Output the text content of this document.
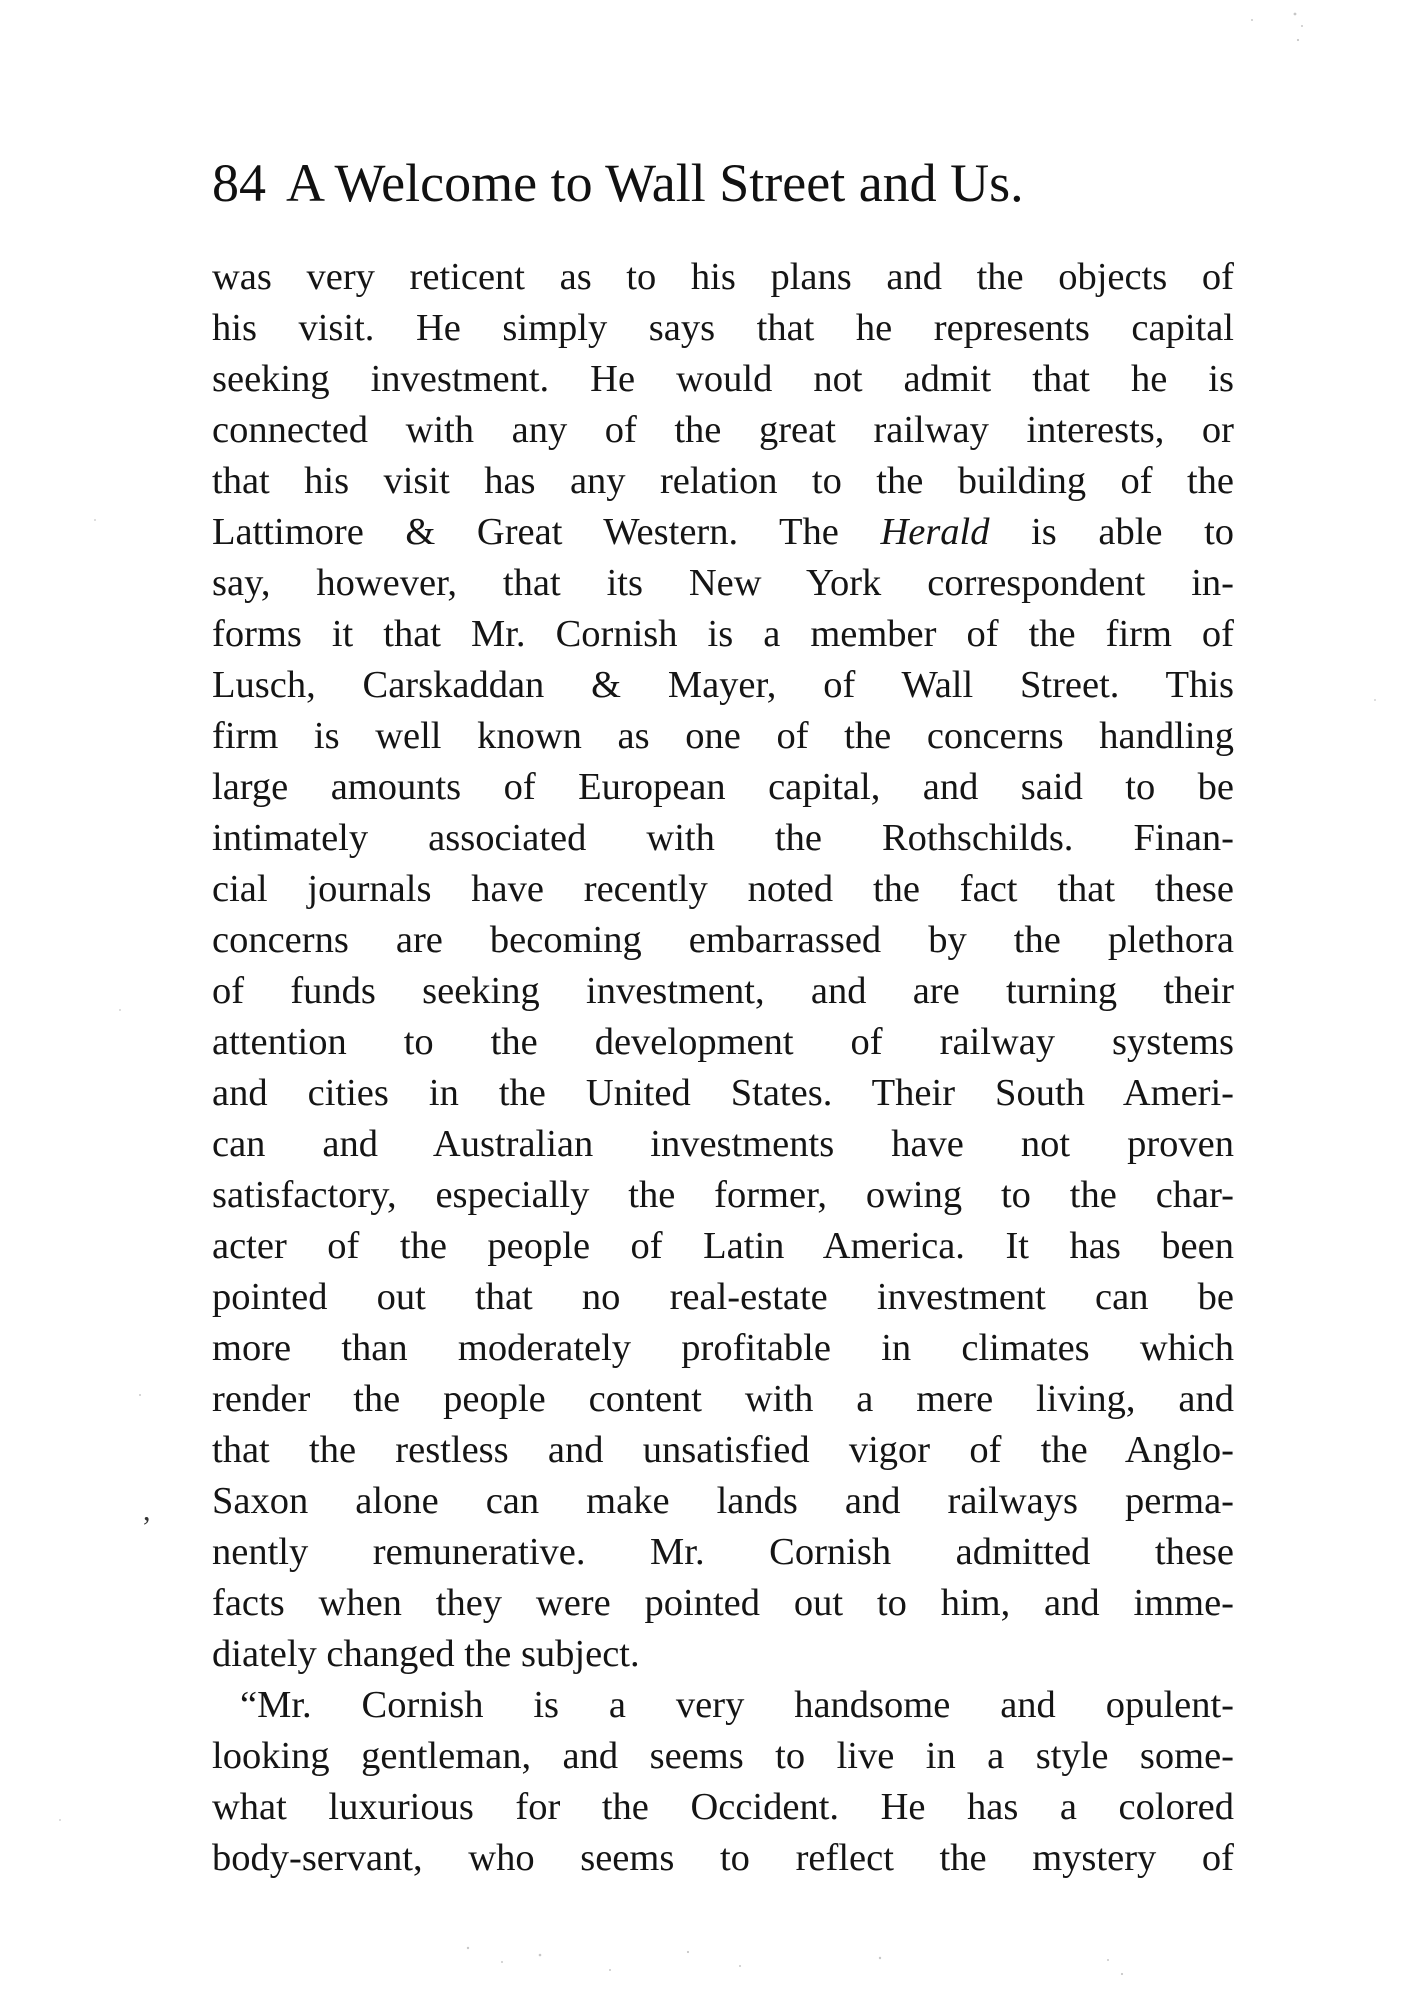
84 A Welcome to Wall Street and Us.
was very reticent as to his plans and the objects of
his visit. He simply says that he represents capital
seeking investment. He would not admit that he is
connected with any of the great railway interests, or
that his visit has any relation to the building of the
Lattimore & Great Western. The Herald is able to
say, however, that its New York correspondent in-
forms it that Mr. Cornish is a member of the firm of
Lusch, Carskaddan & Mayer, of Wall Street. This
firm is well known as one of the concerns handling
large amounts of European capital, and said to be
intimately associated with the Rothschilds. Finan-
cial journals have recently noted the fact that these
concerns are becoming embarrassed by the plethora
of funds seeking investment, and are turning their
attention to the development of railway systems
and cities in the United States. Their South Ameri-
can and Australian investments have not proven
satisfactory, especially the former, owing to the char-
acter of the people of Latin America. It has been
pointed out that no real-estate investment can be
more than moderately profitable in climates which
render the people content with a mere living, and
that the restless and unsatisfied vigor of the Anglo-
Saxon alone can make lands and railways perma-
nently remunerative. Mr. Cornish admitted these
facts when they were pointed out to him, and imme-
diately changed the subject.
“Mr. Cornish is a very handsome and opulent-
looking gentleman, and seems to live in a style some-
what luxurious for the Occident. He has a colored
body-servant, who seems to reflect the mystery of
,
